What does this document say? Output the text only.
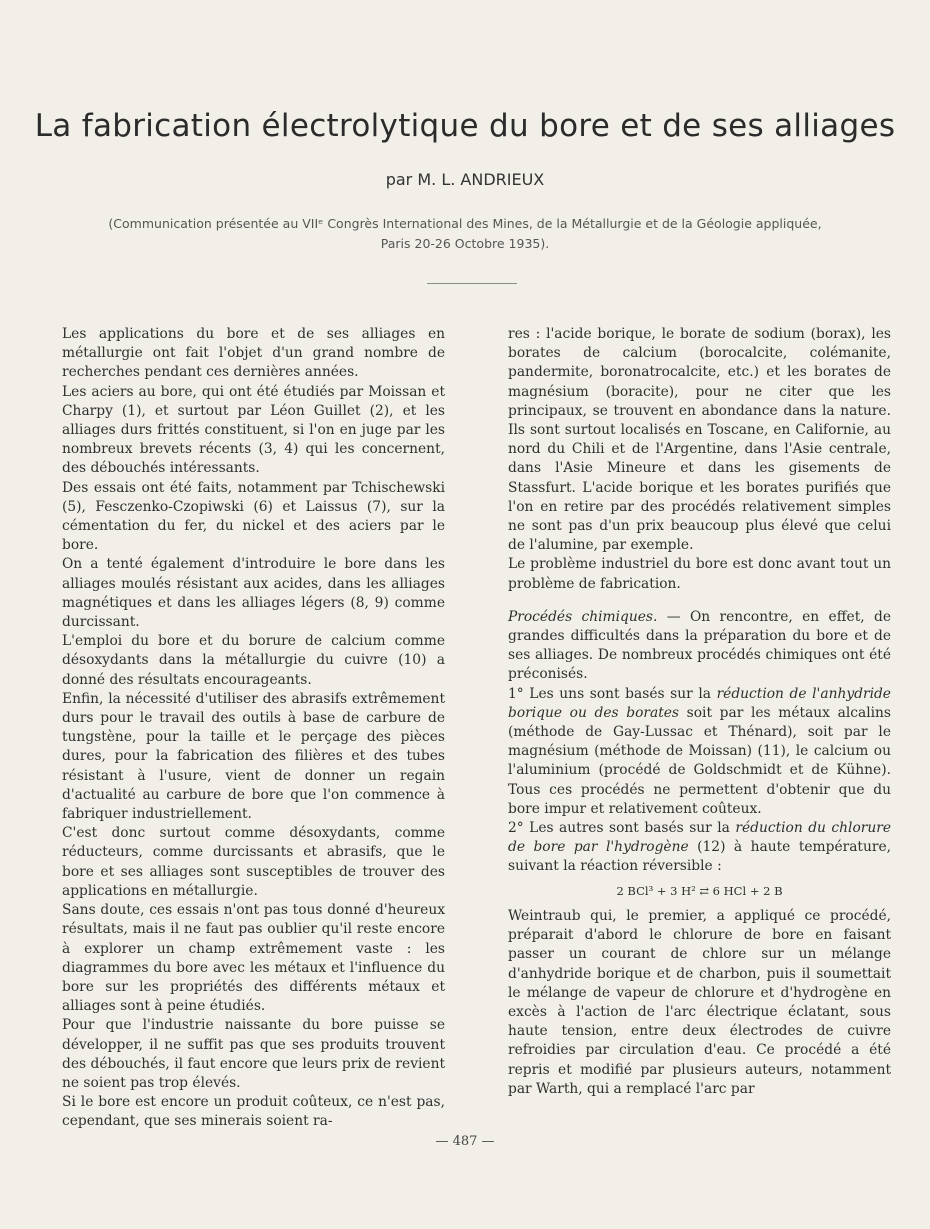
La fabrication électrolytique du bore et de ses alliages
par M. L. ANDRIEUX
(Communication présentée au VIIᵉ Congrès International des Mines, de la Métallurgie et de la Géologie appliquée,
Paris 20-26 Octobre 1935).

Les applications du bore et de ses alliages en métallurgie ont fait l'objet d'un grand nombre de recherches pendant ces dernières années.

Les aciers au bore, qui ont été étudiés par Moissan et Charpy (1), et surtout par Léon Guillet (2), et les alliages durs frittés constituent, si l'on en juge par les nombreux brevets récents (3, 4) qui les concernent, des débouchés intéressants.

Des essais ont été faits, notamment par Tchischewski (5), Fesczenko-Czopiwski (6) et Laissus (7), sur la cémentation du fer, du nickel et des aciers par le bore.

On a tenté également d'introduire le bore dans les alliages moulés résistant aux acides, dans les alliages magnétiques et dans les alliages légers (8, 9) comme durcissant.

L'emploi du bore et du borure de calcium comme désoxydants dans la métallurgie du cuivre (10) a donné des résultats encourageants.

Enfin, la nécessité d'utiliser des abrasifs extrêmement durs pour le travail des outils à base de carbure de tungstène, pour la taille et le perçage des pièces dures, pour la fabrication des filières et des tubes résistant à l'usure, vient de donner un regain d'actualité au carbure de bore que l'on commence à fabriquer industriellement.

C'est donc surtout comme désoxydants, comme réducteurs, comme durcissants et abrasifs, que le bore et ses alliages sont susceptibles de trouver des applications en métallurgie.

Sans doute, ces essais n'ont pas tous donné d'heureux résultats, mais il ne faut pas oublier qu'il reste encore à explorer un champ extrêmement vaste : les diagrammes du bore avec les métaux et l'influence du bore sur les propriétés des différents métaux et alliages sont à peine étudiés.

Pour que l'industrie naissante du bore puisse se développer, il ne suffit pas que ses produits trouvent des débouchés, il faut encore que leurs prix de revient ne soient pas trop élevés.

Si le bore est encore un produit coûteux, ce n'est pas, cependant, que ses minerais soient ra-

res : l'acide borique, le borate de sodium (borax), les borates de calcium (borocalcite, colémanite, pandermite, boronatrocalcite, etc.) et les borates de magnésium (boracite), pour ne citer que les principaux, se trouvent en abondance dans la nature. Ils sont surtout localisés en Toscane, en Californie, au nord du Chili et de l'Argentine, dans l'Asie centrale, dans l'Asie Mineure et dans les gisements de Stassfurt. L'acide borique et les borates purifiés que l'on en retire par des procédés relativement simples ne sont pas d'un prix beaucoup plus élevé que celui de l'alumine, par exemple.

Le problème industriel du bore est donc avant tout un problème de fabrication.

Procédés chimiques. — On rencontre, en effet, de grandes difficultés dans la préparation du bore et de ses alliages. De nombreux procédés chimiques ont été préconisés.

1° Les uns sont basés sur la réduction de l'anhydride borique ou des borates soit par les métaux alcalins (méthode de Gay-Lussac et Thénard), soit par le magnésium (méthode de Moissan) (11), le calcium ou l'aluminium (procédé de Goldschmidt et de Kühne). Tous ces procédés ne permettent d'obtenir que du bore impur et relativement coûteux.

2° Les autres sont basés sur la réduction du chlorure de bore par l'hydrogène (12) à haute température, suivant la réaction réversible :

2 BCl³ + 3 H² ⇄ 6 HCl + 2 B

Weintraub qui, le premier, a appliqué ce procédé, préparait d'abord le chlorure de bore en faisant passer un courant de chlore sur un mélange d'anhydride borique et de charbon, puis il soumettait le mélange de vapeur de chlorure et d'hydrogène en excès à l'action de l'arc électrique éclatant, sous haute tension, entre deux électrodes de cuivre refroidies par circulation d'eau. Ce procédé a été repris et modifié par plusieurs auteurs, notamment par Warth, qui a remplacé l'arc par

— 487 —
